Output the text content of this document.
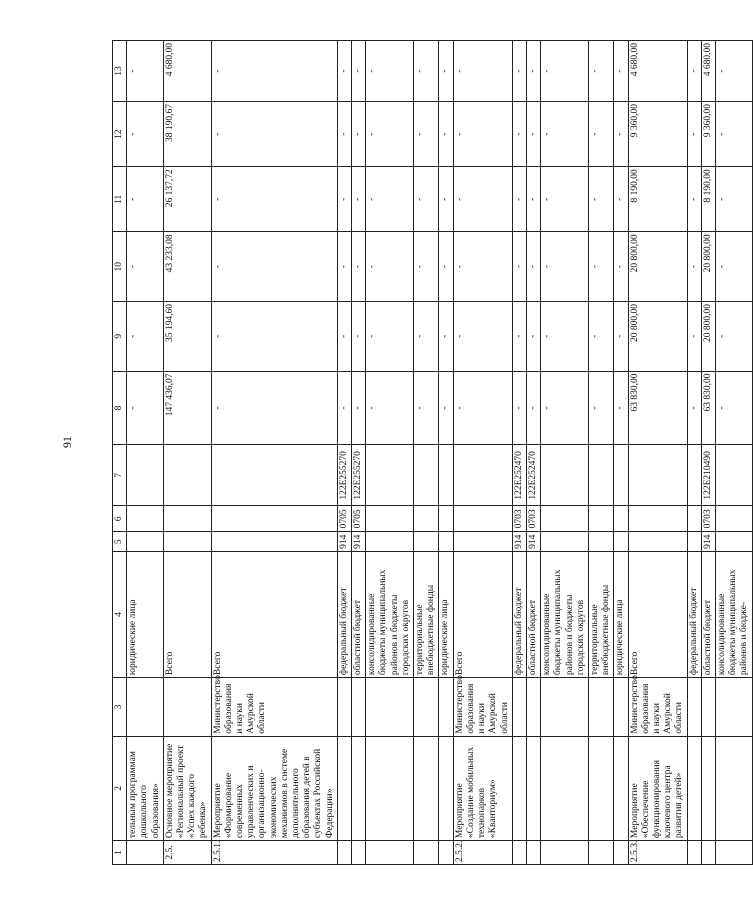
91
1	2	3	4	5	6	7	8	9	10	11	12	13
	тельным программам дошкольного образования»		юридические лица				-	-	-	-	-	-
2.5.	Основное мероприятие «Региональный проект «Успех каждого ребенка»		Всего				147 436,07	35 194,60	43 233,08	26 137,72	38 190,67	4 680,00
2.5.1.	Мероприятие «Формирование современных управленческих и организационно-экономических механизмов в системе дополнительного образования детей в субъектах Российской Федерации»	Министерство образования и науки Амурской области	Всего				-	-	-	-	-	-
			федеральный бюджет	914	0705	122E255270	-	-	-	-	-	-
			областной бюджет	914	0705	122E255270	-	-	-	-	-	-
			консолидированные бюджеты муниципальных районов и бюджеты городских округов				-	-	-	-	-	-
			территориальные внебюджетные фонды				-	-	-	-	-	-
			юридические лица				-	-	-	-	-	-
2.5.2.	Мероприятие «Создание мобильных технопарков «Кванториум»	Министерство образования и науки Амурской области	Всего				-	-	-	-	-	-
			федеральный бюджет	914	0703	122E252470	-	-	-	-	-	-
			областной бюджет	914	0703	122E252470	-	-	-	-	-	-
			консолидированные бюджеты муниципальных районов и бюджеты городских округов				-	-	-	-	-	-
			территориальные внебюджетные фонды				-	-	-	-	-	-
			юридические лица				-	-	-	-	-	-
2.5.3.	Мероприятие «Обеспечение функционирования ключевого центра развития детей»	Министерство образования и науки Амурской области	Всего				63 830,00	20 800,00	20 800,00	8 190,00	9 360,00	4 680,00
			федеральный бюджет				-	-	-	-	-	-
			областной бюджет	914	0703	122E210490	63 830,00	20 800,00	20 800,00	8 190,00	9 360,00	4 680,00
			консолидированные бюджеты муниципальных районов и бюдже-				-	-	-	-	-	-
